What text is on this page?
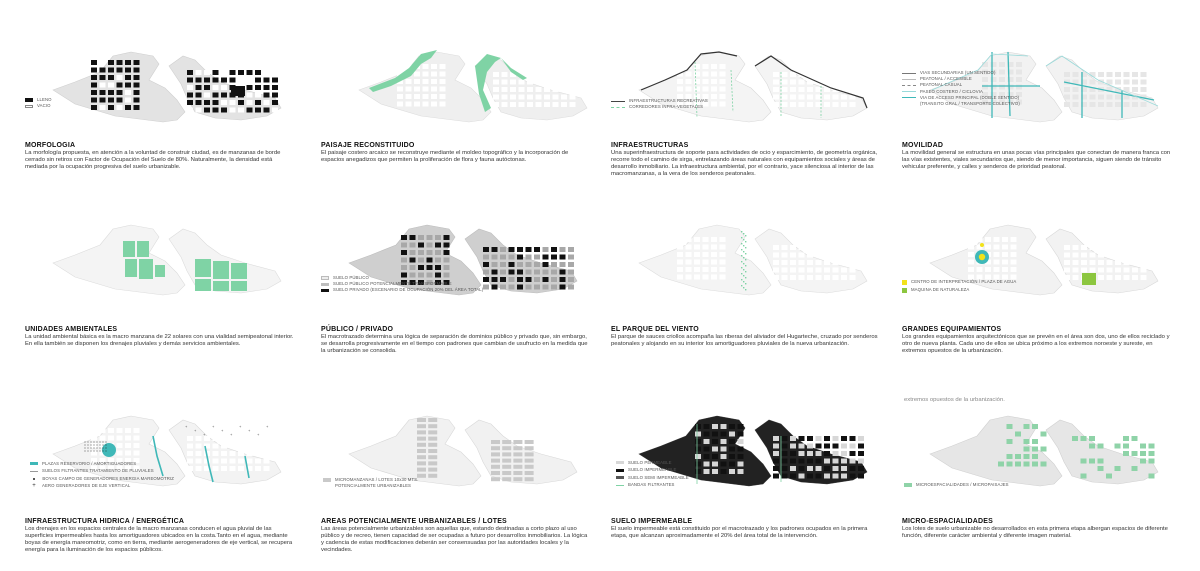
LLENO
VACIO
MORFOLOGIA
La morfología propuesta, en atención a la voluntad de construir ciudad, es de manzanas de borde cerrado sin retiros con Factor de Ocupación del Suelo de 80%. Naturalmente, la densidad está mediada por la ocupación progresiva del suelo urbanizable.
PAISAJE RECONSTITUIDO
El paisaje costero arcaico se reconstruye mediante el moldeo topográfico y la incorporación de espacios anegadizos que permiten la proliferación de flora y fauna autóctonas.
INFRAESTRUCTURAS RECREATIVAS
CORREDORES INFRA-VEGETALES
INFRAESTRUCTURAS
Una superinfraestructura de soporte para actividades de ocio y esparcimiento, de geometría orgánica, recorre todo el camino de sirga, entrelazando áreas naturales con equipamientos sociales y áreas de desarrollo inmobiliario. La infraestructura ambiental, por el contrario, yace silenciosa al interior de las macromanzanas, a la vera de los senderos peatonales.
VIAS SECUNDARIAS (UN SENTIDO)
PEATONAL / ACCESIBLE
PEATONAL CASUAL
PASEO COSTERO / CICLOVIA
VIA DE ACCESO PRINCIPAL (DOBLE SENTIDO)
(TRANSITO GRAL / TRANSPORTE COLECTIVO)
MOVILIDAD
La movilidad general se estructura en unas pocas vías principales que conectan de manera franca con las vías existentes, viales secundarios que, siendo de menor importancia, siguen siendo de tránsito vehicular preferente, y calles y senderos de prioridad peatonal.
UNIDADES AMBIENTALES
La unidad ambiental básica es la macro manzana de 22 solares con una vialidad semipeatonal interior. En ella también se disponen los drenajes pluviales y demás servicios ambientales.
SUELO PÚBLICO
SUELO PÚBLICO POTENCIALMENTE TRANSFORMABLE
SUELO PRIVADO (ESCENARIO DE OCUPACIÓN 20% DEL ÁREA TOTAL)
PÚBLICO / PRIVADO
El macrotrazado determina una lógica de separación de dominios público y privado que, sin embargo, se desarrolla progresivamente en el tiempo con padrones que cambian de usufructo en la medida que la urbanización se consolida.
EL PARQUE DEL VIENTO
El parque de sauces criollos acompaña las riberas del aliviador del Hugarteche, cruzado por senderos peatonales y alojando en su interior los amortiguadores pluviales de la nueva urbanización.
CENTRO DE INTERPRETACIÓN / PLAZA DE AGUA
MAQUINA DE NATURALEZA
GRANDES EQUIPAMIENTOS
Los grandes equipamientos arquitectónicos que se prevén en el área son dos, uno de ellos reciclado y otro de nueva planta. Cada uno de ellos se ubica próximo a los extremos noroeste y sureste, en extremos opuestos de la urbanización.
+
+
+
+
+
+
+
+
+
+
PLAZAS RESERVORIO / AMORTIGUADORES
SUELOS FILTRANTES TRATAMIENTO DE PLUVIALES
BOYAS CAMPO DE GENERADORES ENERGIA MAREOMOTRIZ
+	AERO GENERADORES DE EJE VERTICAL
INFRAESTRUCTURA HIDRICA / ENERGÉTICA
Los drenajes en los espacios centrales de la macro manzanas conducen el agua pluvial de las superficies impermeables hasta los amortiguadores ubicados en la costa.Tanto en el agua, mediante boyas de energía mareomotriz, como en tierra, mediante aerogeneradores de eje vertical, se recupera energía para la iluminación de los espacios públicos.
MICROMANZANAS / LOTES 10x30 MTS.
POTENCIALMENTE URBANIZABLES
AREAS POTENCIALMENTE URBANIZABLES / LOTES
Las áreas potencialmente urbanizables son aquellas que, estando destinadas a corto plazo al uso público y de recreo, tienen capacidad de ser ocupadas a futuro por desarrollos inmobiliarios. La lógica y cadencia de estas modificaciones deberán ser consensuadas por las autoridades locales y la vecindades.
SUELO PERMEABLE
SUELO IMPERMEABLE
SUELO SEMI IMPERMEABLE
BANDAS FILTRANTES
SUELO IMPERMEABLE
El suelo impermeable está constituido por el macrotrazado y los padrones ocupados en la primera etapa, que alcanzan aproximadamente el 20% del área total de la intervención.
extremos opuestos de la urbanización.
MICROESPACIALIDADES / MICROPAISAJES
MICRO-ESPACIALIDADES
Los lotes de suelo urbanizable no desarrollados en esta primera etapa albergan espacios de diferente función, diferente carácter ambiental y diferente imagen material.
